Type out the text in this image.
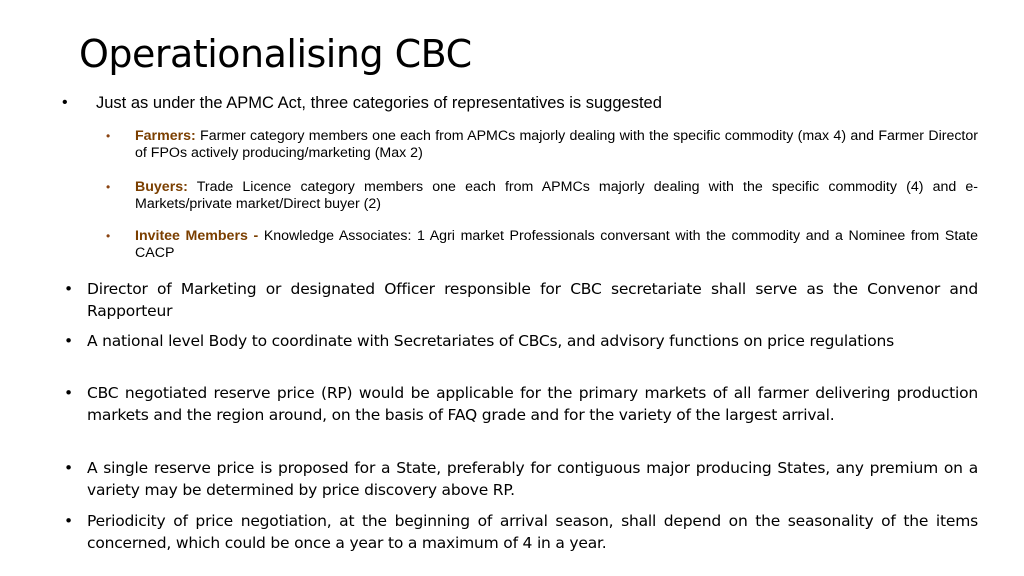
Operationalising CBC
• Just as under the APMC Act, three categories of representatives is suggested
• Farmers: Farmer category members one each from APMCs majorly dealing with the specific commodity (max 4) and Farmer Director of FPOs actively producing/marketing (Max 2)
• Buyers: Trade Licence category members one each from APMCs majorly dealing with the specific commodity (4) and e-Markets/private market/Direct buyer (2)
• Invitee Members - Knowledge Associates: 1 Agri market Professionals conversant with the commodity and a Nominee from State CACP
• Director of Marketing or designated Officer responsible for CBC secretariate shall serve as the Convenor and Rapporteur
• A national level Body to coordinate with Secretariates of CBCs, and advisory functions on price regulations
• CBC negotiated reserve price (RP) would be applicable for the primary markets of all farmer delivering production markets and the region around, on the basis of FAQ grade and for the variety of the largest arrival.
• A single reserve price is proposed for a State, preferably for contiguous major producing States, any premium on a variety may be determined by price discovery above RP.
• Periodicity of price negotiation, at the beginning of arrival season, shall depend on the seasonality of the items concerned, which could be once a year to a maximum of 4 in a year.
